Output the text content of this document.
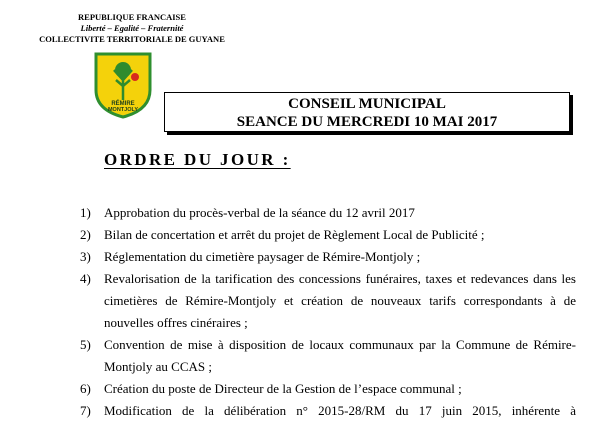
REPUBLIQUE FRANCAISE
Liberté – Egalité – Fraternité
COLLECTIVITE TERRITORIALE DE GUYANE
RÉMIRE
MONTJOLY	CONSEIL MUNICIPAL
SEANCE DU MERCREDI 10 MAI 2017
ORDRE DU JOUR :
1) Approbation du procès-verbal de la séance du 12 avril 2017
2) Bilan de concertation et arrêt du projet de Règlement Local de Publicité ;
3) Réglementation du cimetière paysager de Rémire-Montjoly ;
4) Revalorisation de la tarification des concessions funéraires, taxes et redevances dans les cimetières de Rémire-Montjoly et création de nouveaux tarifs correspondants à de nouvelles offres cinéraires ;
5) Convention de mise à disposition de locaux communaux par la Commune de Rémire-Montjoly au CCAS ;
6) Création du poste de Directeur de la Gestion de l’espace communal ;
7) Modification de la délibération n° 2015-28/RM du 17 juin 2015, inhérente à
